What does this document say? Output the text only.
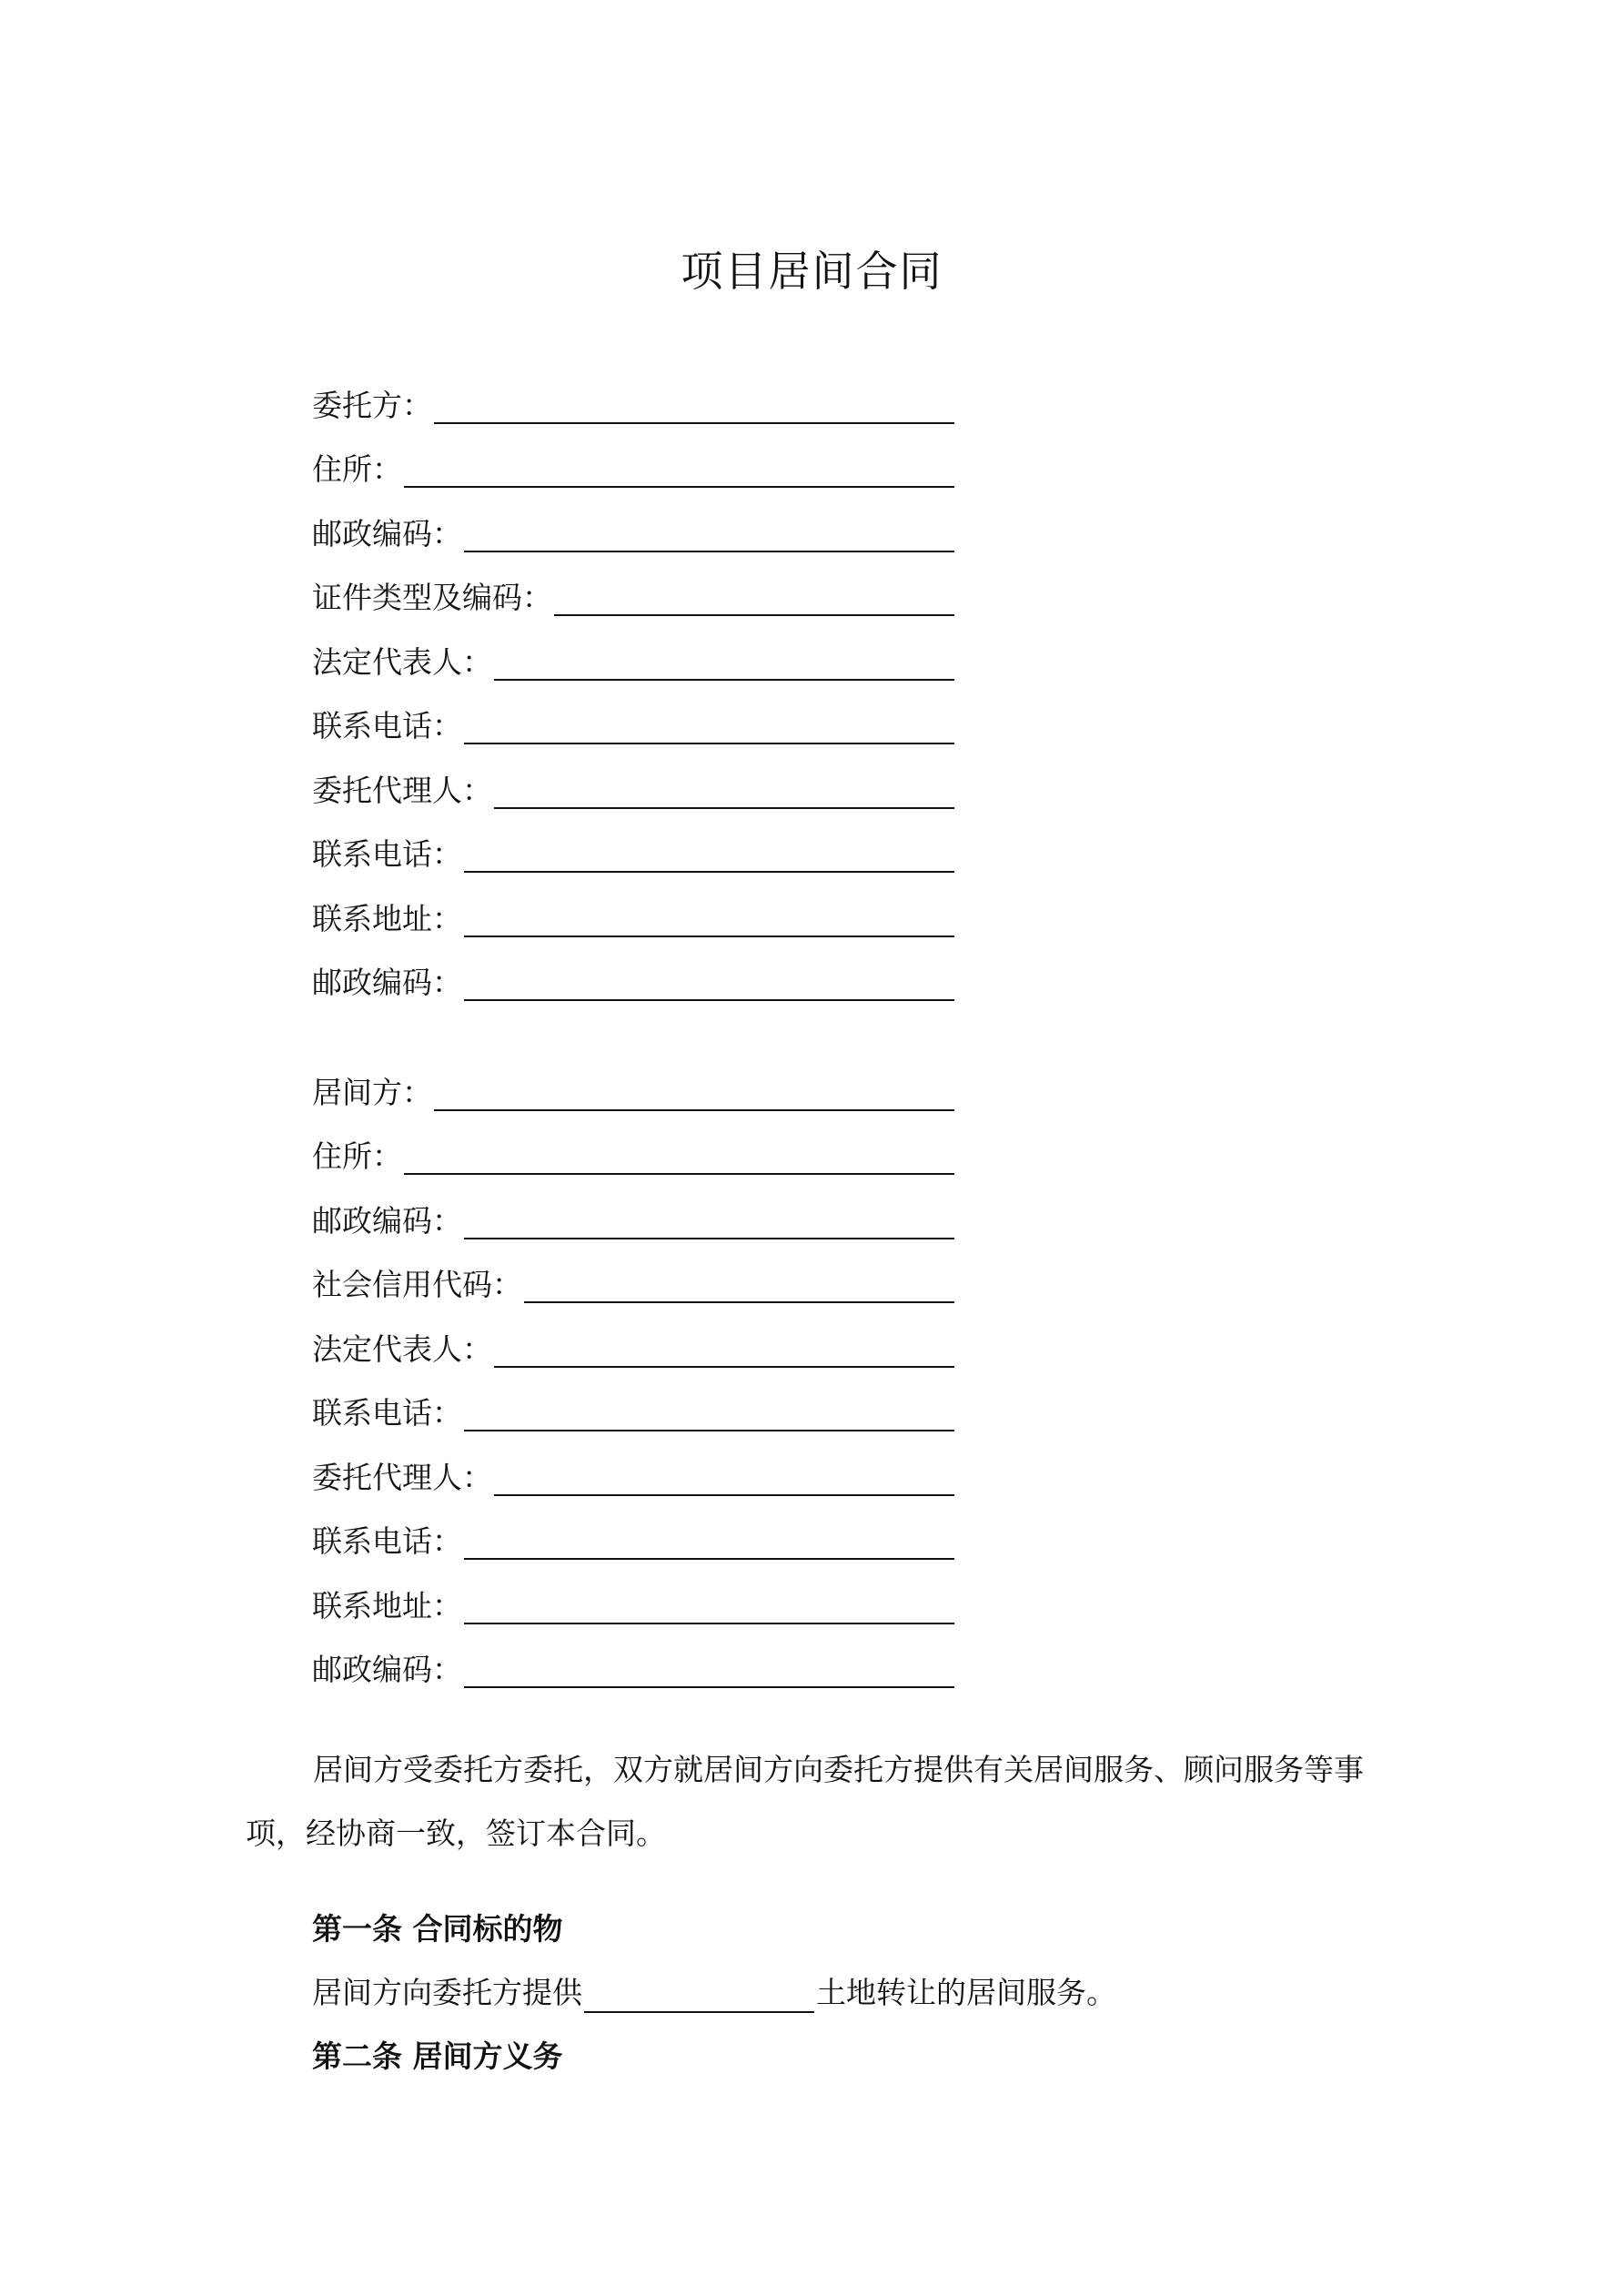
项目居间合同
委托方：
住所：
邮政编码：
证件类型及编码：
法定代表人：
联系电话：
委托代理人：
联系电话：
联系地址：
邮政编码：
居间方：
住所：
邮政编码：
社会信用代码：
法定代表人：
联系电话：
委托代理人：
联系电话：
联系地址：
邮政编码：

居间方受委托方委托，双方就居间方向委托方提供有关居间服务、顾问服务等事项，经协商一致，签订本合同。

第一条 合同标的物

居间方向委托方提供	土地转让的居间服务。

第二条 居间方义务
